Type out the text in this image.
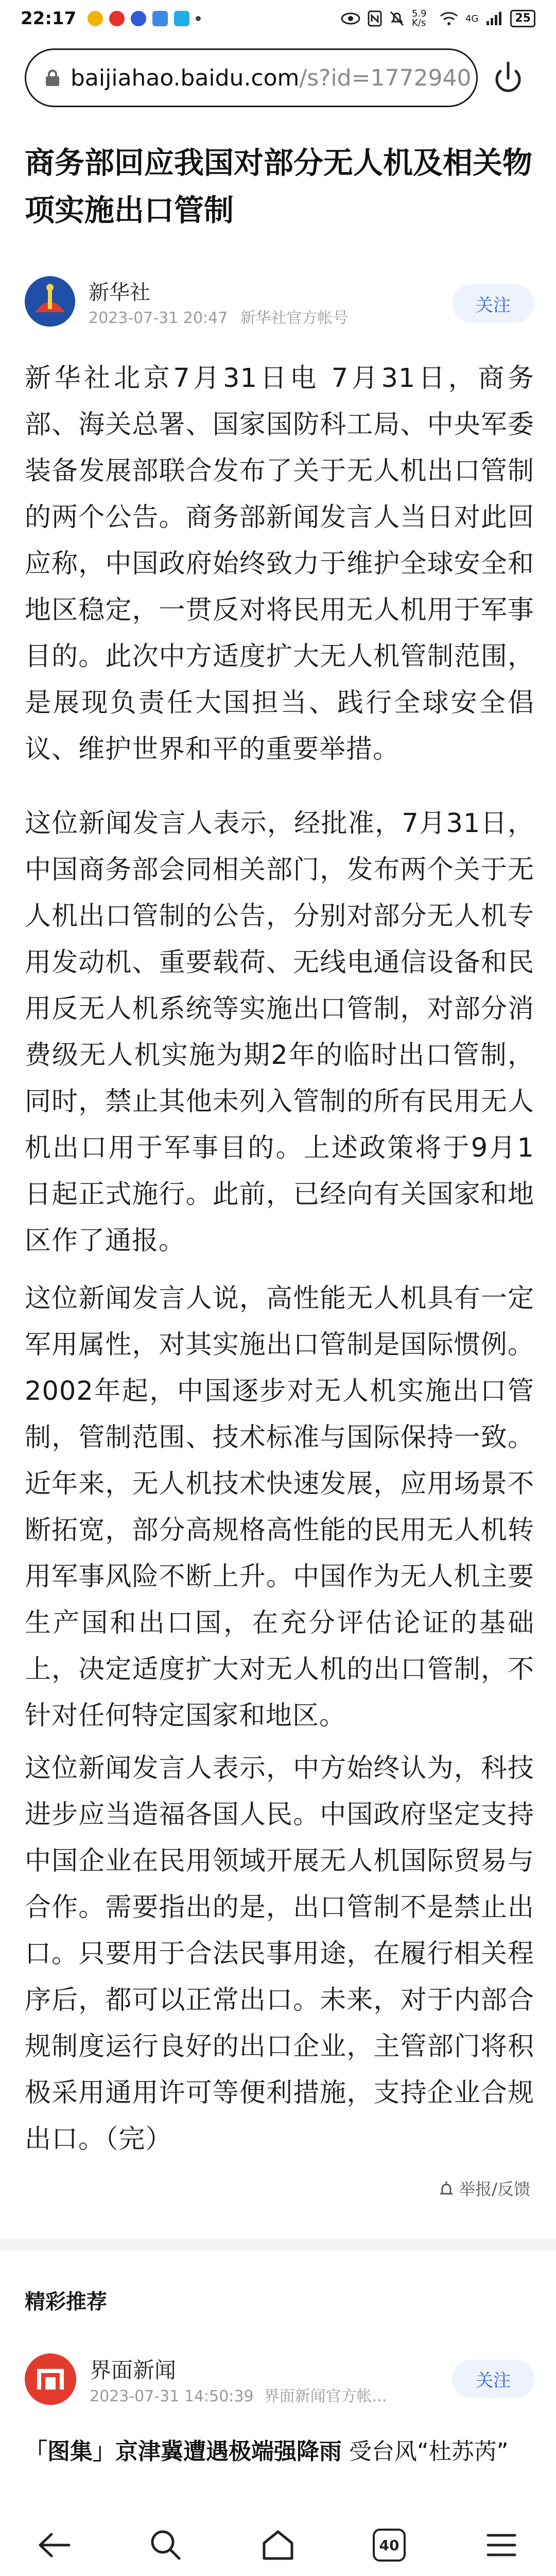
22:17	5.9 K/s	4G	25
baijiahao.baidu.com/s?id=1772940
商务部回应我国对部分无人机及相关物项实施出口管制
新华社
2023-07-31 20:47 新华社官方帐号
关注

新华社北京7月31日电 7月31日，商务部、海关总署、国家国防科工局、中央军委装备发展部联合发布了关于无人机出口管制的两个公告。商务部新闻发言人当日对此回应称，中国政府始终致力于维护全球安全和地区稳定，一贯反对将民用无人机用于军事目的。此次中方适度扩大无人机管制范围，是展现负责任大国担当、践行全球安全倡议、维护世界和平的重要举措。

这位新闻发言人表示，经批准，7月31日，中国商务部会同相关部门，发布两个关于无人机出口管制的公告，分别对部分无人机专用发动机、重要载荷、无线电通信设备和民用反无人机系统等实施出口管制，对部分消费级无人机实施为期2年的临时出口管制，同时，禁止其他未列入管制的所有民用无人机出口用于军事目的。上述政策将于9月1日起正式施行。此前，已经向有关国家和地区作了通报。

这位新闻发言人说，高性能无人机具有一定军用属性，对其实施出口管制是国际惯例。2002年起，中国逐步对无人机实施出口管制，管制范围、技术标准与国际保持一致。近年来，无人机技术快速发展，应用场景不断拓宽，部分高规格高性能的民用无人机转用军事风险不断上升。中国作为无人机主要生产国和出口国，在充分评估论证的基础上，决定适度扩大对无人机的出口管制，不针对任何特定国家和地区。

这位新闻发言人表示，中方始终认为，科技进步应当造福各国人民。中国政府坚定支持中国企业在民用领域开展无人机国际贸易与合作。需要指出的是，出口管制不是禁止出口。只要用于合法民事用途，在履行相关程序后，都可以正常出口。未来，对于内部合规制度运行良好的出口企业，主管部门将积极采用通用许可等便利措施，支持企业合规出口。（完）

举报/反馈
精彩推荐
界面新闻
2023-07-31 14:50:39 界面新闻官方帐...
关注
「图集」京津冀遭遇极端强降雨 受台风“杜苏芮”
40
